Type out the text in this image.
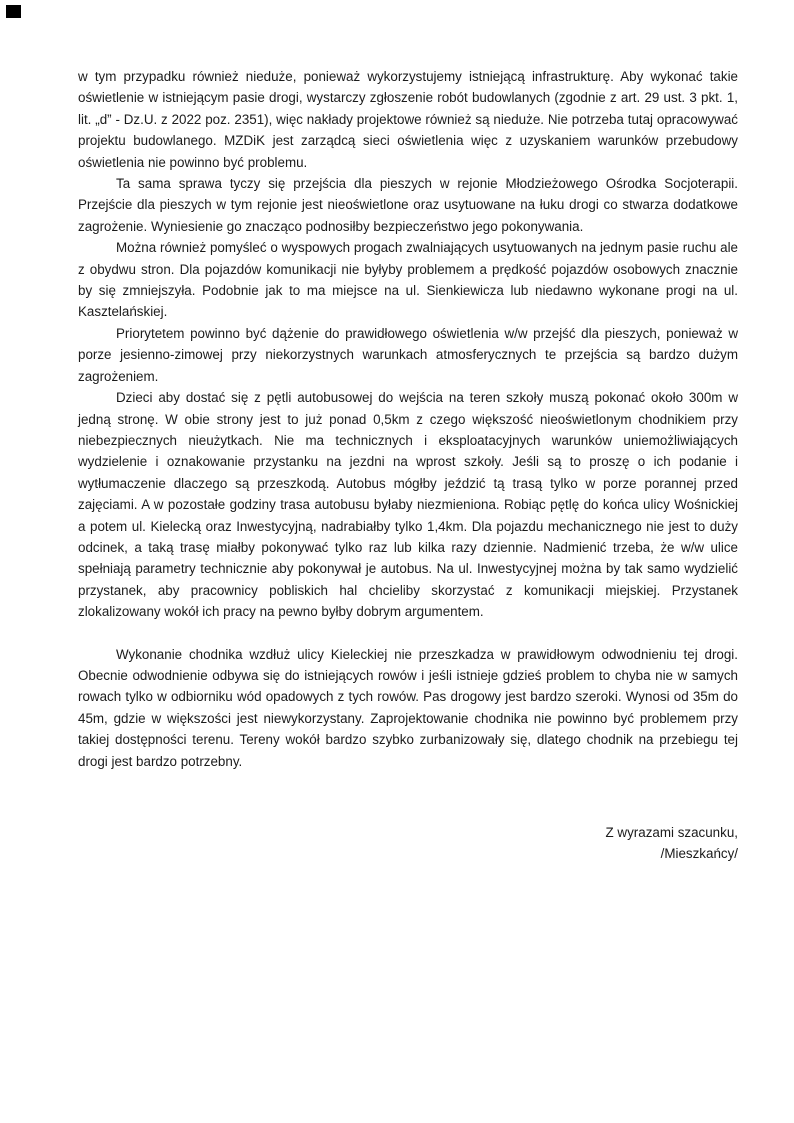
w tym przypadku również nieduże, ponieważ wykorzystujemy istniejącą infrastrukturę. Aby wykonać takie oświetlenie w istniejącym pasie drogi, wystarczy zgłoszenie robót budowlanych (zgodnie z art. 29 ust. 3 pkt. 1, lit. „d” - Dz.U. z 2022 poz. 2351), więc nakłady projektowe również są nieduże. Nie potrzeba tutaj opracowywać projektu budowlanego. MZDiK jest zarządcą sieci oświetlenia więc z uzyskaniem warunków przebudowy oświetlenia nie powinno być problemu.

Ta sama sprawa tyczy się przejścia dla pieszych w rejonie Młodzieżowego Ośrodka Socjoterapii. Przejście dla pieszych w tym rejonie jest nieoświetlone oraz usytuowane na łuku drogi co stwarza dodatkowe zagrożenie. Wyniesienie go znacząco podnosiłby bezpieczeństwo jego pokonywania.

Można również pomyśleć o wyspowych progach zwalniających usytuowanych na jednym pasie ruchu ale z obydwu stron. Dla pojazdów komunikacji nie byłyby problemem a prędkość pojazdów osobowych znacznie by się zmniejszyła. Podobnie jak to ma miejsce na ul. Sienkiewicza lub niedawno wykonane progi na ul. Kasztelańskiej.

Priorytetem powinno być dążenie do prawidłowego oświetlenia w/w przejść dla pieszych, ponieważ w porze jesienno-zimowej przy niekorzystnych warunkach atmosferycznych te przejścia są bardzo dużym zagrożeniem.

Dzieci aby dostać się z pętli autobusowej do wejścia na teren szkoły muszą pokonać około 300m w jedną stronę. W obie strony jest to już ponad 0,5km z czego większość nieoświetlonym chodnikiem przy niebezpiecznych nieużytkach. Nie ma technicznych i eksploatacyjnych warunków uniemożliwiających wydzielenie i oznakowanie przystanku na jezdni na wprost szkoły. Jeśli są to proszę o ich podanie i wytłumaczenie dlaczego są przeszkodą. Autobus mógłby jeździć tą trasą tylko w porze porannej przed zajęciami. A w pozostałe godziny trasa autobusu byłaby niezmieniona. Robiąc pętlę do końca ulicy Wośnickiej a potem ul. Kielecką oraz Inwestycyjną, nadrabiałby tylko 1,4km. Dla pojazdu mechanicznego nie jest to duży odcinek, a taką trasę miałby pokonywać tylko raz lub kilka razy dziennie. Nadmienić trzeba, że w/w ulice spełniają parametry technicznie aby pokonywał je autobus. Na ul. Inwestycyjnej można by tak samo wydzielić przystanek, aby pracownicy pobliskich hal chcieliby skorzystać z komunikacji miejskiej. Przystanek zlokalizowany wokół ich pracy na pewno byłby dobrym argumentem.

Wykonanie chodnika wzdłuż ulicy Kieleckiej nie przeszkadza w prawidłowym odwodnieniu tej drogi. Obecnie odwodnienie odbywa się do istniejących rowów i jeśli istnieje gdzieś problem to chyba nie w samych rowach tylko w odbiorniku wód opadowych z tych rowów. Pas drogowy jest bardzo szeroki. Wynosi od 35m do 45m, gdzie w większości jest niewykorzystany. Zaprojektowanie chodnika nie powinno być problemem przy takiej dostępności terenu. Tereny wokół bardzo szybko zurbanizowały się, dlatego chodnik na przebiegu tej drogi jest bardzo potrzebny.

Z wyrazami szacunku,

/Mieszkańcy/
